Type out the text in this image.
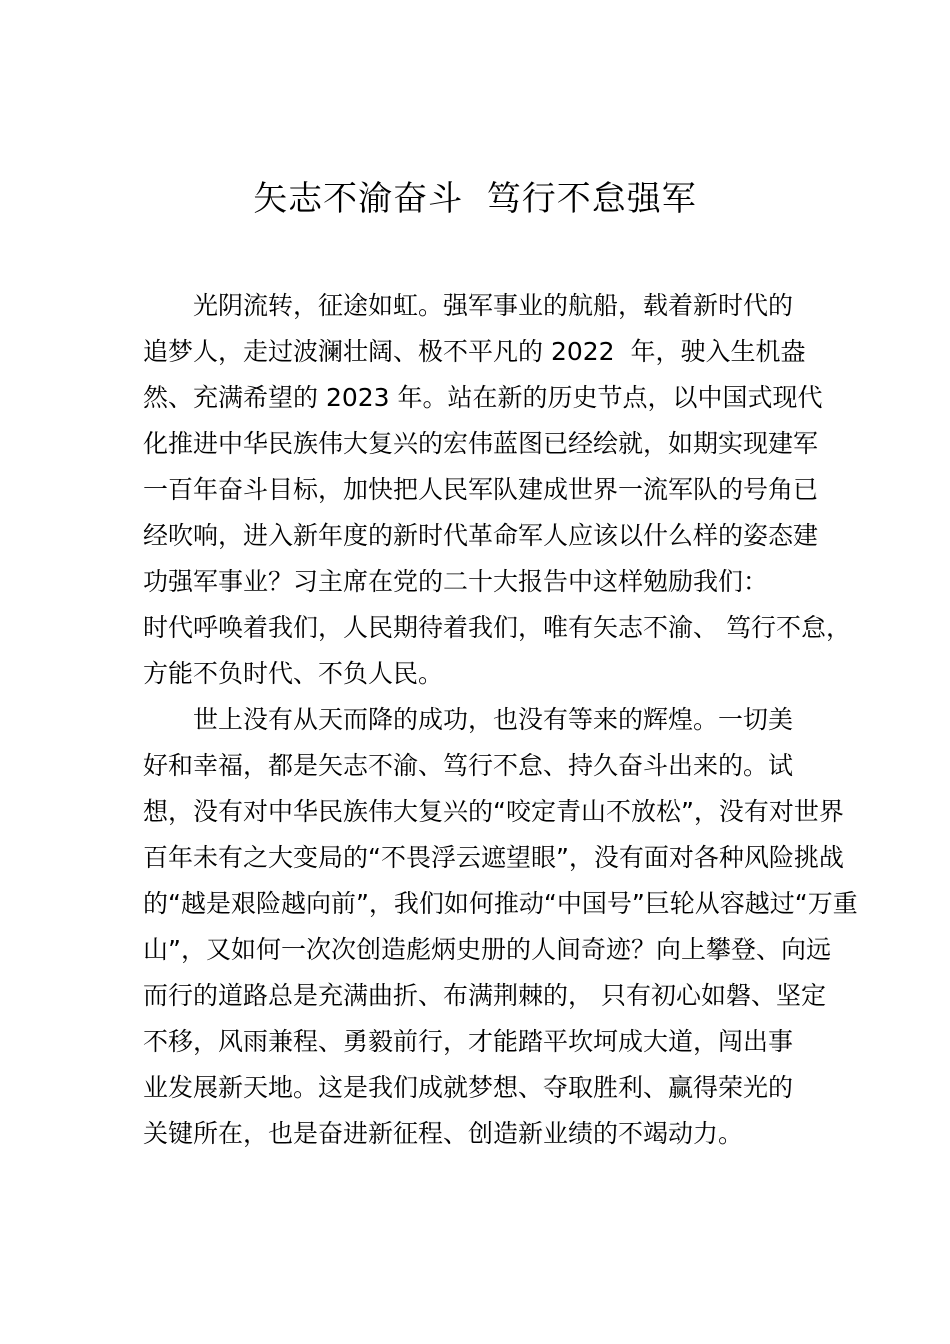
矢志不渝奋斗  笃行不怠强军
光阴流转，征途如虹。强军事业的航船，载着新时代的
追梦人，走过波澜壮阔、极不平凡的 2022  年，驶入生机盎
然、充满希望的 2023 年。站在新的历史节点，以中国式现代
化推进中华民族伟大复兴的宏伟蓝图已经绘就，如期实现建军
一百年奋斗目标，加快把人民军队建成世界一流军队的号角已
经吹响，进入新年度的新时代革命军人应该以什么样的姿态建
功强军事业？习主席在党的二十大报告中这样勉励我们：
时代呼唤着我们，人民期待着我们，唯有矢志不渝、 笃行不怠，
方能不负时代、不负人民。
世上没有从天而降的成功，也没有等来的辉煌。一切美
好和幸福，都是矢志不渝、笃行不怠、持久奋斗出来的。试
想，没有对中华民族伟大复兴的“咬定青山不放松”，没有对世界
百年未有之大变局的“不畏浮云遮望眼”，没有面对各种风险挑战
的“越是艰险越向前”，我们如何推动“中国号”巨轮从容越过“万重
山”，又如何一次次创造彪炳史册的人间奇迹？向上攀登、向远
而行的道路总是充满曲折、布满荆棘的， 只有初心如磐、坚定
不移，风雨兼程、勇毅前行，才能踏平坎坷成大道，闯出事
业发展新天地。这是我们成就梦想、夺取胜利、赢得荣光的
关键所在，也是奋进新征程、创造新业绩的不竭动力。
